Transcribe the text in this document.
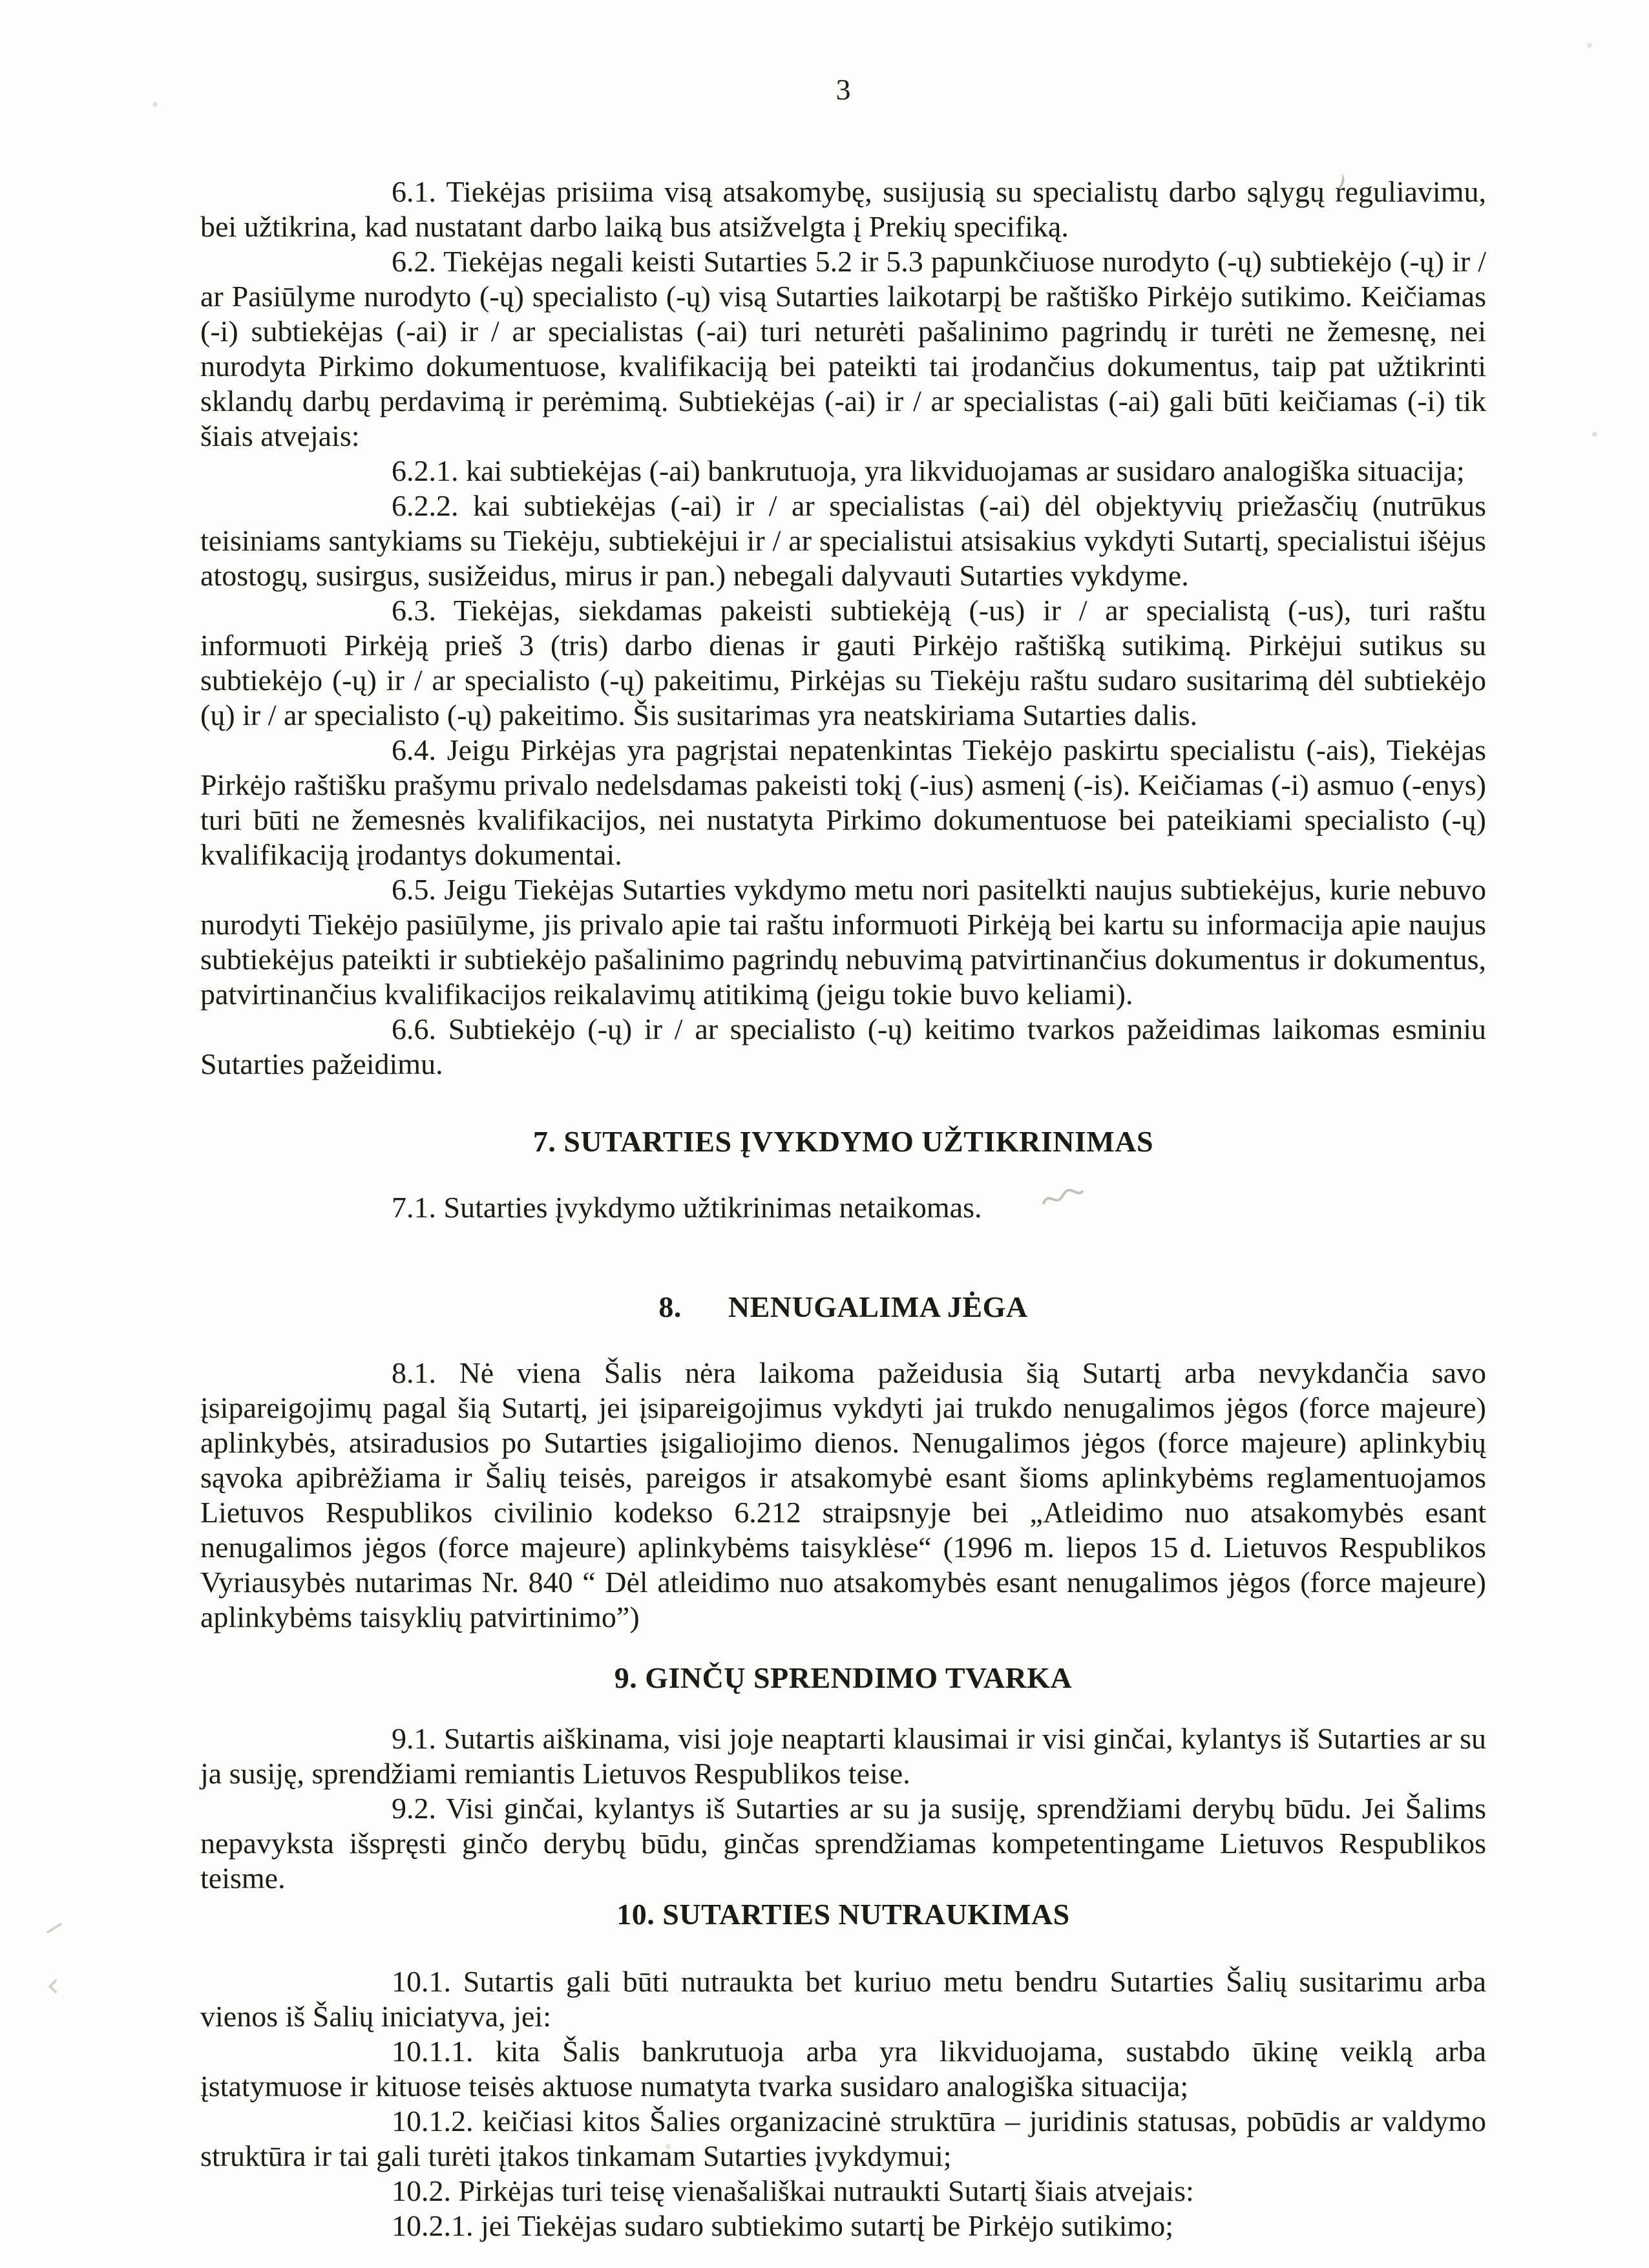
3

6.1. Tiekėjas prisiima visą atsakomybę, susijusią su specialistų darbo sąlygų reguliavimu, bei užtikrina, kad nustatant darbo laiką bus atsižvelgta į Prekių specifiką.

6.2. Tiekėjas negali keisti Sutarties 5.2 ir 5.3 papunkčiuose nurodyto (-ų) subtiekėjo (-ų) ir / ar Pasiūlyme nurodyto (-ų) specialisto (-ų) visą Sutarties laikotarpį be raštiško Pirkėjo sutikimo. Keičiamas (-i) subtiekėjas (-ai) ir / ar specialistas (-ai) turi neturėti pašalinimo pagrindų ir turėti ne žemesnę, nei nurodyta Pirkimo dokumentuose, kvalifikaciją bei pateikti tai įrodančius dokumentus, taip pat užtikrinti sklandų darbų perdavimą ir perėmimą. Subtiekėjas (-ai) ir / ar specialistas (-ai) gali būti keičiamas (-i) tik šiais atvejais:

6.2.1. kai subtiekėjas (-ai) bankrutuoja, yra likviduojamas ar susidaro analogiška situacija;

6.2.2. kai subtiekėjas (-ai) ir / ar specialistas (-ai) dėl objektyvių priežasčių (nutrūkus teisiniams santykiams su Tiekėju, subtiekėjui ir / ar specialistui atsisakius vykdyti Sutartį, specialistui išėjus atostogų, susirgus, susižeidus, mirus ir pan.) nebegali dalyvauti Sutarties vykdyme.

6.3. Tiekėjas, siekdamas pakeisti subtiekėją (-us) ir / ar specialistą (-us), turi raštu informuoti Pirkėją prieš 3 (tris) darbo dienas ir gauti Pirkėjo raštišką sutikimą. Pirkėjui sutikus su subtiekėjo (-ų) ir / ar specialisto (-ų) pakeitimu, Pirkėjas su Tiekėju raštu sudaro susitarimą dėl subtiekėjo (ų) ir / ar specialisto (-ų) pakeitimo. Šis susitarimas yra neatskiriama Sutarties dalis.

6.4. Jeigu Pirkėjas yra pagrįstai nepatenkintas Tiekėjo paskirtu specialistu (-ais), Tiekėjas Pirkėjo raštišku prašymu privalo nedelsdamas pakeisti tokį (-ius) asmenį (-is). Keičiamas (-i) asmuo (-enys) turi būti ne žemesnės kvalifikacijos, nei nustatyta Pirkimo dokumentuose bei pateikiami specialisto (-ų) kvalifikaciją įrodantys dokumentai.

6.5. Jeigu Tiekėjas Sutarties vykdymo metu nori pasitelkti naujus subtiekėjus, kurie nebuvo nurodyti Tiekėjo pasiūlyme, jis privalo apie tai raštu informuoti Pirkėją bei kartu su informacija apie naujus subtiekėjus pateikti ir subtiekėjo pašalinimo pagrindų nebuvimą patvirtinančius dokumentus ir dokumentus, patvirtinančius kvalifikacijos reikalavimų atitikimą (jeigu tokie buvo keliami).

6.6. Subtiekėjo (-ų) ir / ar specialisto (-ų) keitimo tvarkos pažeidimas laikomas esminiu Sutarties pažeidimu.

7. SUTARTIES ĮVYKDYMO UŽTIKRINIMAS

7.1. Sutarties įvykdymo užtikrinimas netaikomas.

8.      NENUGALIMA JĖGA

8.1. Nė viena Šalis nėra laikoma pažeidusia šią Sutartį arba nevykdančia savo įsipareigojimų pagal šią Sutartį, jei įsipareigojimus vykdyti jai trukdo nenugalimos jėgos (force majeure) aplinkybės, atsiradusios po Sutarties įsigaliojimo dienos. Nenugalimos jėgos (force majeure) aplinkybių sąvoka apibrėžiama ir Šalių teisės, pareigos ir atsakomybė esant šioms aplinkybėms reglamentuojamos Lietuvos Respublikos civilinio kodekso 6.212 straipsnyje bei „Atleidimo nuo atsakomybės esant nenugalimos jėgos (force majeure) aplinkybėms taisyklėse“ (1996 m. liepos 15 d. Lietuvos Respublikos Vyriausybės nutarimas Nr. 840 “ Dėl atleidimo nuo atsakomybės esant nenugalimos jėgos (force majeure) aplinkybėms taisyklių patvirtinimo”)

9. GINČŲ SPRENDIMO TVARKA

9.1. Sutartis aiškinama, visi joje neaptarti klausimai ir visi ginčai, kylantys iš Sutarties ar su ja susiję, sprendžiami remiantis Lietuvos Respublikos teise.

9.2. Visi ginčai, kylantys iš Sutarties ar su ja susiję, sprendžiami derybų būdu. Jei Šalims nepavyksta išspręsti ginčo derybų būdu, ginčas sprendžiamas kompetentingame Lietuvos Respublikos teisme.

10. SUTARTIES NUTRAUKIMAS

10.1. Sutartis gali būti nutraukta bet kuriuo metu bendru Sutarties Šalių susitarimu arba vienos iš Šalių iniciatyva, jei:

10.1.1. kita Šalis bankrutuoja arba yra likviduojama, sustabdo ūkinę veiklą arba įstatymuose ir kituose teisės aktuose numatyta tvarka susidaro analogiška situacija;

10.1.2. keičiasi kitos Šalies organizacinė struktūra – juridinis statusas, pobūdis ar valdymo struktūra ir tai gali turėti įtakos tinkamam Sutarties įvykdymui;

10.2. Pirkėjas turi teisę vienašališkai nutraukti Sutartį šiais atvejais:

10.2.1. jei Tiekėjas sudaro subtiekimo sutartį be Pirkėjo sutikimo;
